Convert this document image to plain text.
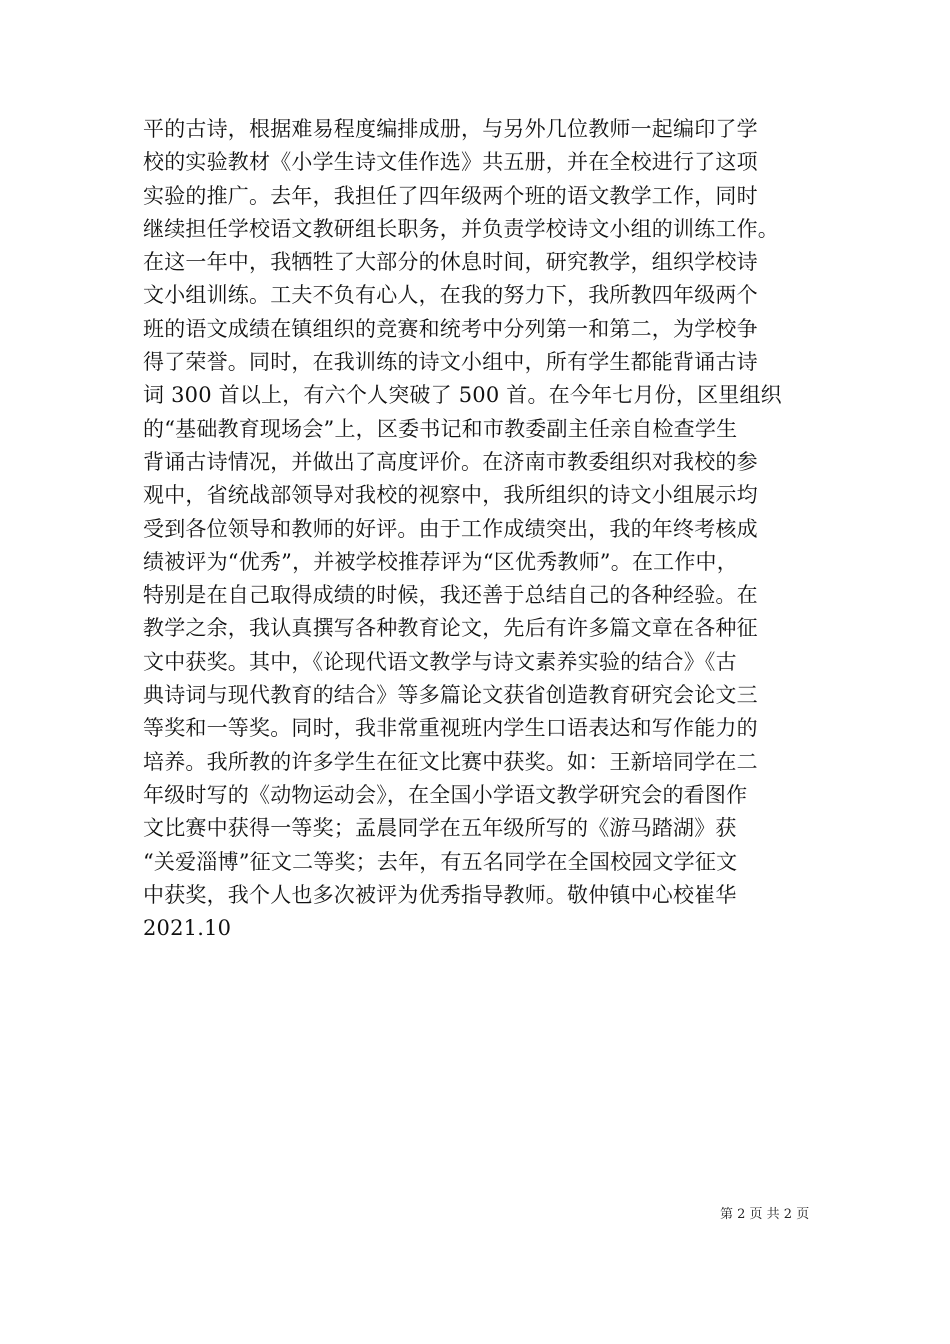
平的古诗，根据难易程度编排成册，与另外几位教师一起编印了学
校的实验教材《小学生诗文佳作选》共五册，并在全校进行了这项
实验的推广。去年，我担任了四年级两个班的语文教学工作，同时
继续担任学校语文教研组长职务，并负责学校诗文小组的训练工作。
在这一年中，我牺牲了大部分的休息时间，研究教学，组织学校诗
文小组训练。工夫不负有心人，在我的努力下，我所教四年级两个
班的语文成绩在镇组织的竞赛和统考中分列第一和第二，为学校争
得了荣誉。同时，在我训练的诗文小组中，所有学生都能背诵古诗
词 300 首以上，有六个人突破了 500 首。在今年七月份，区里组织
的“基础教育现场会”上，区委书记和市教委副主任亲自检查学生
背诵古诗情况，并做出了高度评价。在济南市教委组织对我校的参
观中，省统战部领导对我校的视察中，我所组织的诗文小组展示均
受到各位领导和教师的好评。由于工作成绩突出，我的年终考核成
绩被评为“优秀”，并被学校推荐评为“区优秀教师”。在工作中，
特别是在自己取得成绩的时候，我还善于总结自己的各种经验。在
教学之余，我认真撰写各种教育论文，先后有许多篇文章在各种征
文中获奖。其中，《论现代语文教学与诗文素养实验的结合》《古
典诗词与现代教育的结合》等多篇论文获省创造教育研究会论文三
等奖和一等奖。同时，我非常重视班内学生口语表达和写作能力的
培养。我所教的许多学生在征文比赛中获奖。如：王新培同学在二
年级时写的《动物运动会》，在全国小学语文教学研究会的看图作
文比赛中获得一等奖；孟晨同学在五年级所写的《游马踏湖》获
“关爱淄博”征文二等奖；去年，有五名同学在全国校园文学征文
中获奖，我个人也多次被评为优秀指导教师。敬仲镇中心校崔华
2021.10
第 2 页 共 2 页
